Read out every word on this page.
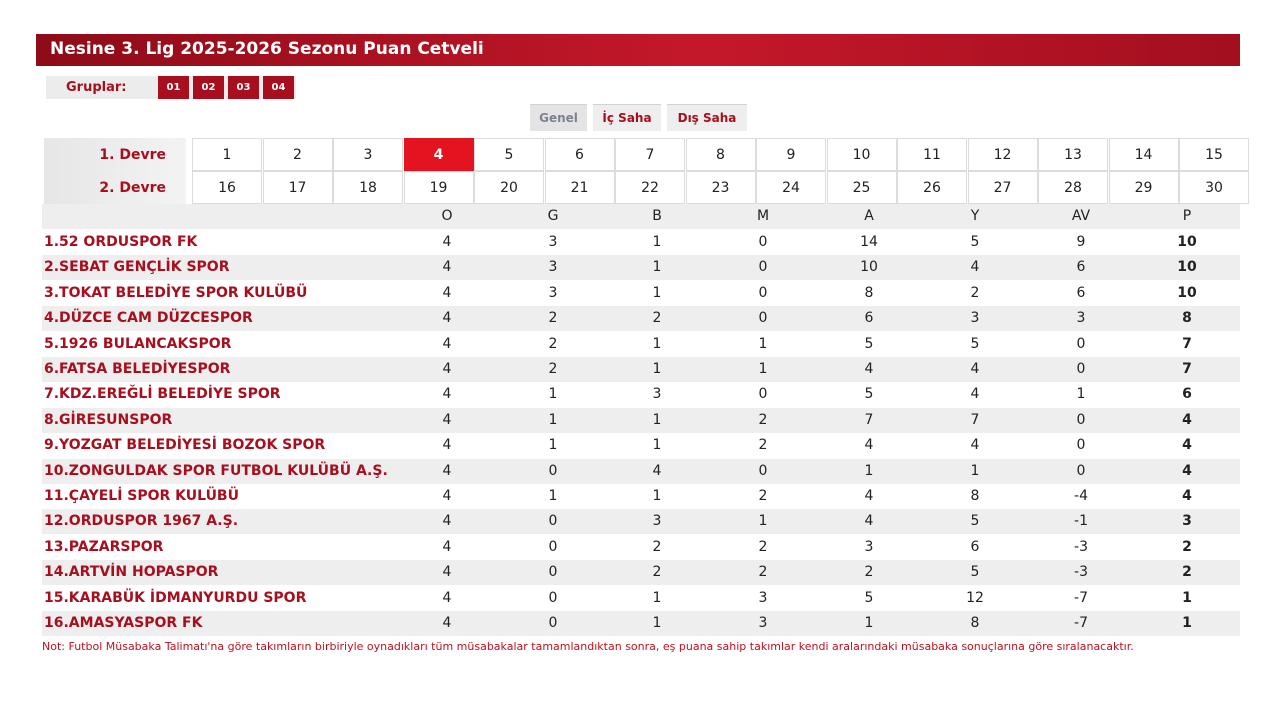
Nesine 3. Lig 2025-2026 Sezonu Puan Cetveli
Gruplar:	01	02	03	04
Genel	İç Saha	Dış Saha
1. Devre	1	2	3	4	5	6	7	8	9	10	11	12	13	14	15
2. Devre	16	17	18	19	20	21	22	23	24	25	26	27	28	29	30
O	G	B	M	A	Y	AV	P
1.52 ORDUSPOR FK	4	3	1	0	14	5	9	10
2.SEBAT GENÇLİK SPOR	4	3	1	0	10	4	6	10
3.TOKAT BELEDİYE SPOR KULÜBÜ	4	3	1	0	8	2	6	10
4.DÜZCE CAM DÜZCESPOR	4	2	2	0	6	3	3	8
5.1926 BULANCAKSPOR	4	2	1	1	5	5	0	7
6.FATSA BELEDİYESPOR	4	2	1	1	4	4	0	7
7.KDZ.EREĞLİ BELEDİYE SPOR	4	1	3	0	5	4	1	6
8.GİRESUNSPOR	4	1	1	2	7	7	0	4
9.YOZGAT BELEDİYESİ BOZOK SPOR	4	1	1	2	4	4	0	4
10.ZONGULDAK SPOR FUTBOL KULÜBÜ A.Ş.	4	0	4	0	1	1	0	4
11.ÇAYELİ SPOR KULÜBÜ	4	1	1	2	4	8	-4	4
12.ORDUSPOR 1967 A.Ş.	4	0	3	1	4	5	-1	3
13.PAZARSPOR	4	0	2	2	3	6	-3	2
14.ARTVİN HOPASPOR	4	0	2	2	2	5	-3	2
15.KARABÜK İDMANYURDU SPOR	4	0	1	3	5	12	-7	1
16.AMASYASPOR FK	4	0	1	3	1	8	-7	1
Not: Futbol Müsabaka Talimatı'na göre takımların birbiriyle oynadıkları tüm müsabakalar tamamlandıktan sonra, eş puana sahip takımlar kendi aralarındaki müsabaka sonuçlarına göre sıralanacaktır.
